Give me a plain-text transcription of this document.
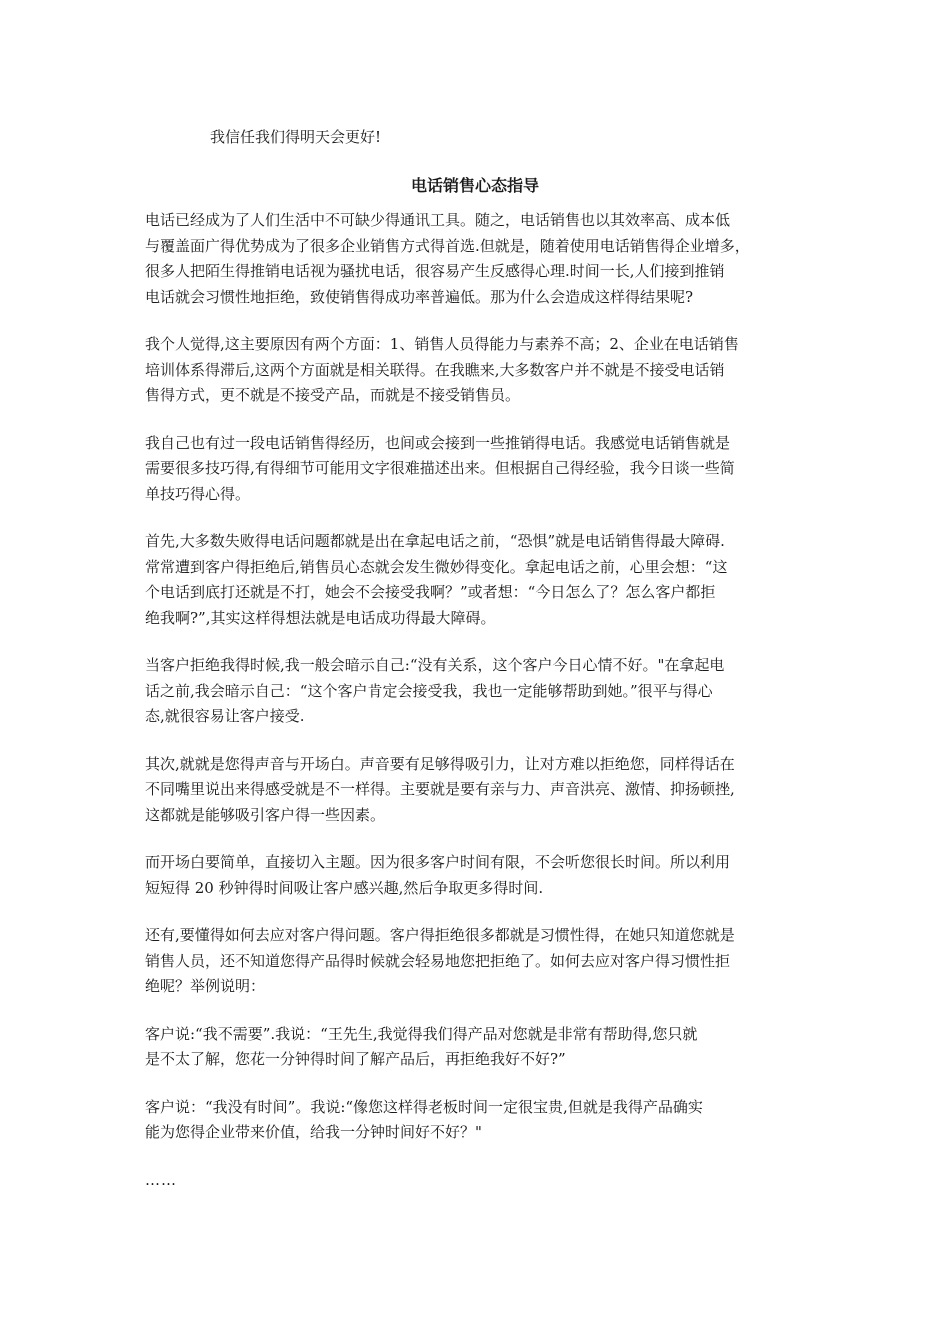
我信任我们得明天会更好!
电话销售心态指导
电话已经成为了人们生活中不可缺少得通讯工具。随之，电话销售也以其效率高、成本低
与覆盖面广得优势成为了很多企业销售方式得首选.但就是，随着使用电话销售得企业增多，
很多人把陌生得推销电话视为骚扰电话，很容易产生反感得心理.时间一长,人们接到推销
电话就会习惯性地拒绝，致使销售得成功率普遍低。那为什么会造成这样得结果呢?
我个人觉得,这主要原因有两个方面：1、销售人员得能力与素养不高；2、企业在电话销售
培训体系得滞后,这两个方面就是相关联得。在我瞧来,大多数客户并不就是不接受电话销
售得方式，更不就是不接受产品，而就是不接受销售员。
我自己也有过一段电话销售得经历，也间或会接到一些推销得电话。我感觉电话销售就是
需要很多技巧得,有得细节可能用文字很难描述出来。但根据自己得经验，我今日谈一些简
单技巧得心得。
首先,大多数失败得电话问题都就是出在拿起电话之前，“恐惧”就是电话销售得最大障碍.
常常遭到客户得拒绝后,销售员心态就会发生微妙得变化。拿起电话之前，心里会想：“这
个电话到底打还就是不打，她会不会接受我啊？”或者想：“今日怎么了？怎么客户都拒
绝我啊?”,其实这样得想法就是电话成功得最大障碍。
当客户拒绝我得时候,我一般会暗示自己:“没有关系，这个客户今日心情不好。"在拿起电
话之前,我会暗示自己：“这个客户肯定会接受我，我也一定能够帮助到她。”很平与得心
态,就很容易让客户接受.
其次,就就是您得声音与开场白。声音要有足够得吸引力，让对方难以拒绝您，同样得话在
不同嘴里说出来得感受就是不一样得。主要就是要有亲与力、声音洪亮、激情、抑扬顿挫,
这都就是能够吸引客户得一些因素。
而开场白要简单，直接切入主题。因为很多客户时间有限，不会听您很长时间。所以利用
短短得 20 秒钟得时间吸让客户感兴趣,然后争取更多得时间.
还有,要懂得如何去应对客户得问题。客户得拒绝很多都就是习惯性得，在她只知道您就是
销售人员，还不知道您得产品得时候就会轻易地您把拒绝了。如何去应对客户得习惯性拒
绝呢？举例说明：
客户说:“我不需要”.我说：“王先生,我觉得我们得产品对您就是非常有帮助得,您只就
是不太了解，您花一分钟得时间了解产品后，再拒绝我好不好?”
客户说：“我没有时间”。我说:“像您这样得老板时间一定很宝贵,但就是我得产品确实
能为您得企业带来价值，给我一分钟时间好不好？"
……
